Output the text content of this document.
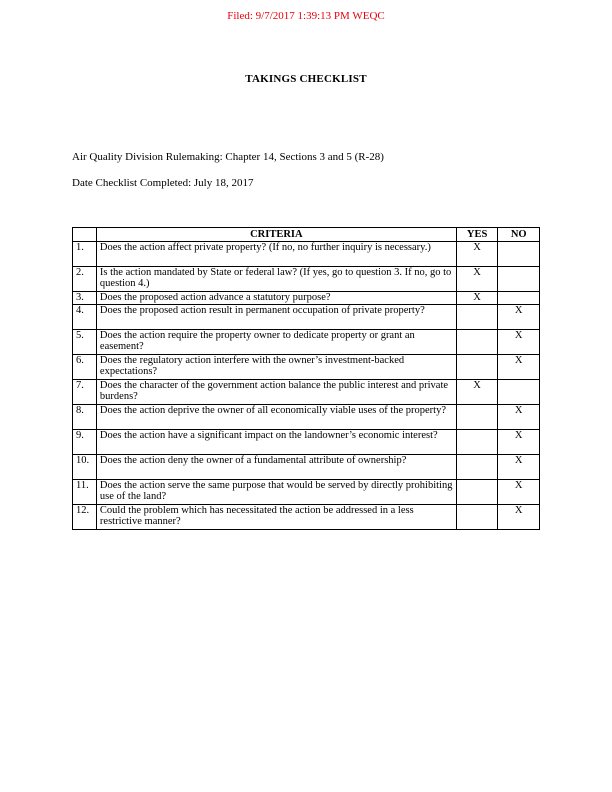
Filed: 9/7/2017 1:39:13 PM WEQC
TAKINGS CHECKLIST
Air Quality Division Rulemaking: Chapter 14, Sections 3 and 5 (R-28)
Date Checklist Completed: July 18, 2017
	CRITERIA	YES	NO
1.	Does the action affect private property? (If no, no further inquiry is necessary.)	X	
2.	Is the action mandated by State or federal law? (If yes, go to question 3. If no, go to question 4.)	X	
3.	Does the proposed action advance a statutory purpose?	X	
4.	Does the proposed action result in permanent occupation of private property?		X
5.	Does the action require the property owner to dedicate property or grant an easement?		X
6.	Does the regulatory action interfere with the owner’s investment-backed expectations?		X
7.	Does the character of the government action balance the public interest and private burdens?	X	
8.	Does the action deprive the owner of all economically viable uses of the property?		X
9.	Does the action have a significant impact on the landowner’s economic interest?		X
10.	Does the action deny the owner of a fundamental attribute of ownership?		X
11.	Does the action serve the same purpose that would be served by directly prohibiting use of the land?		X
12.	Could the problem which has necessitated the action be addressed in a less restrictive manner?		X
